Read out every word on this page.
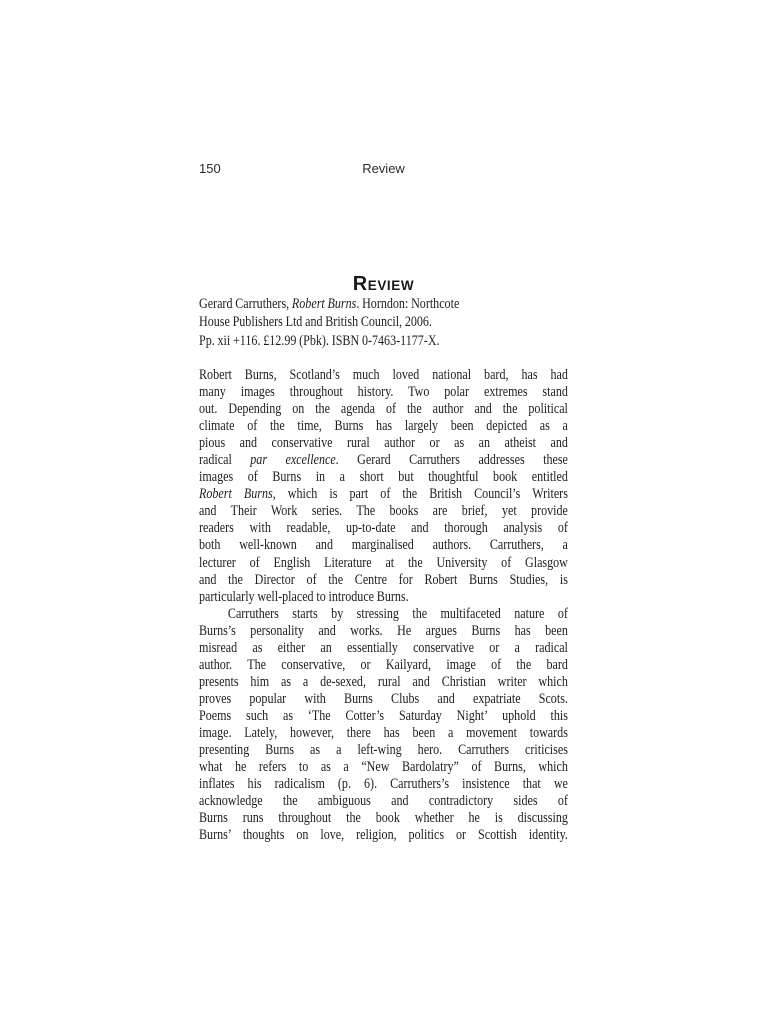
150	Review
REVIEW
Gerard Carruthers, Robert Burns. Horndon: Northcote
House Publishers Ltd and British Council, 2006.
Pp. xii +116. £12.99 (Pbk). ISBN 0-7463-1177-X.
Robert Burns, Scotland’s much loved national bard, has had
many images throughout history. Two polar extremes stand
out. Depending on the agenda of the author and the political
climate of the time, Burns has largely been depicted as a
pious and conservative rural author or as an atheist and
radical par excellence. Gerard Carruthers addresses these
images of Burns in a short but thoughtful book entitled
Robert Burns, which is part of the British Council’s Writers
and Their Work series. The books are brief, yet provide
readers with readable, up-to-date and thorough analysis of
both well-known and marginalised authors. Carruthers, a
lecturer of English Literature at the University of Glasgow
and the Director of the Centre for Robert Burns Studies, is
particularly well-placed to introduce Burns.
Carruthers starts by stressing the multifaceted nature of
Burns’s personality and works. He argues Burns has been
misread as either an essentially conservative or a radical
author. The conservative, or Kailyard, image of the bard
presents him as a de-sexed, rural and Christian writer which
proves popular with Burns Clubs and expatriate Scots.
Poems such as ‘The Cotter’s Saturday Night’ uphold this
image. Lately, however, there has been a movement towards
presenting Burns as a left-wing hero. Carruthers criticises
what he refers to as a “New Bardolatry” of Burns, which
inflates his radicalism (p. 6). Carruthers’s insistence that we
acknowledge the ambiguous and contradictory sides of
Burns runs throughout the book whether he is discussing
Burns’ thoughts on love, religion, politics or Scottish identity.
